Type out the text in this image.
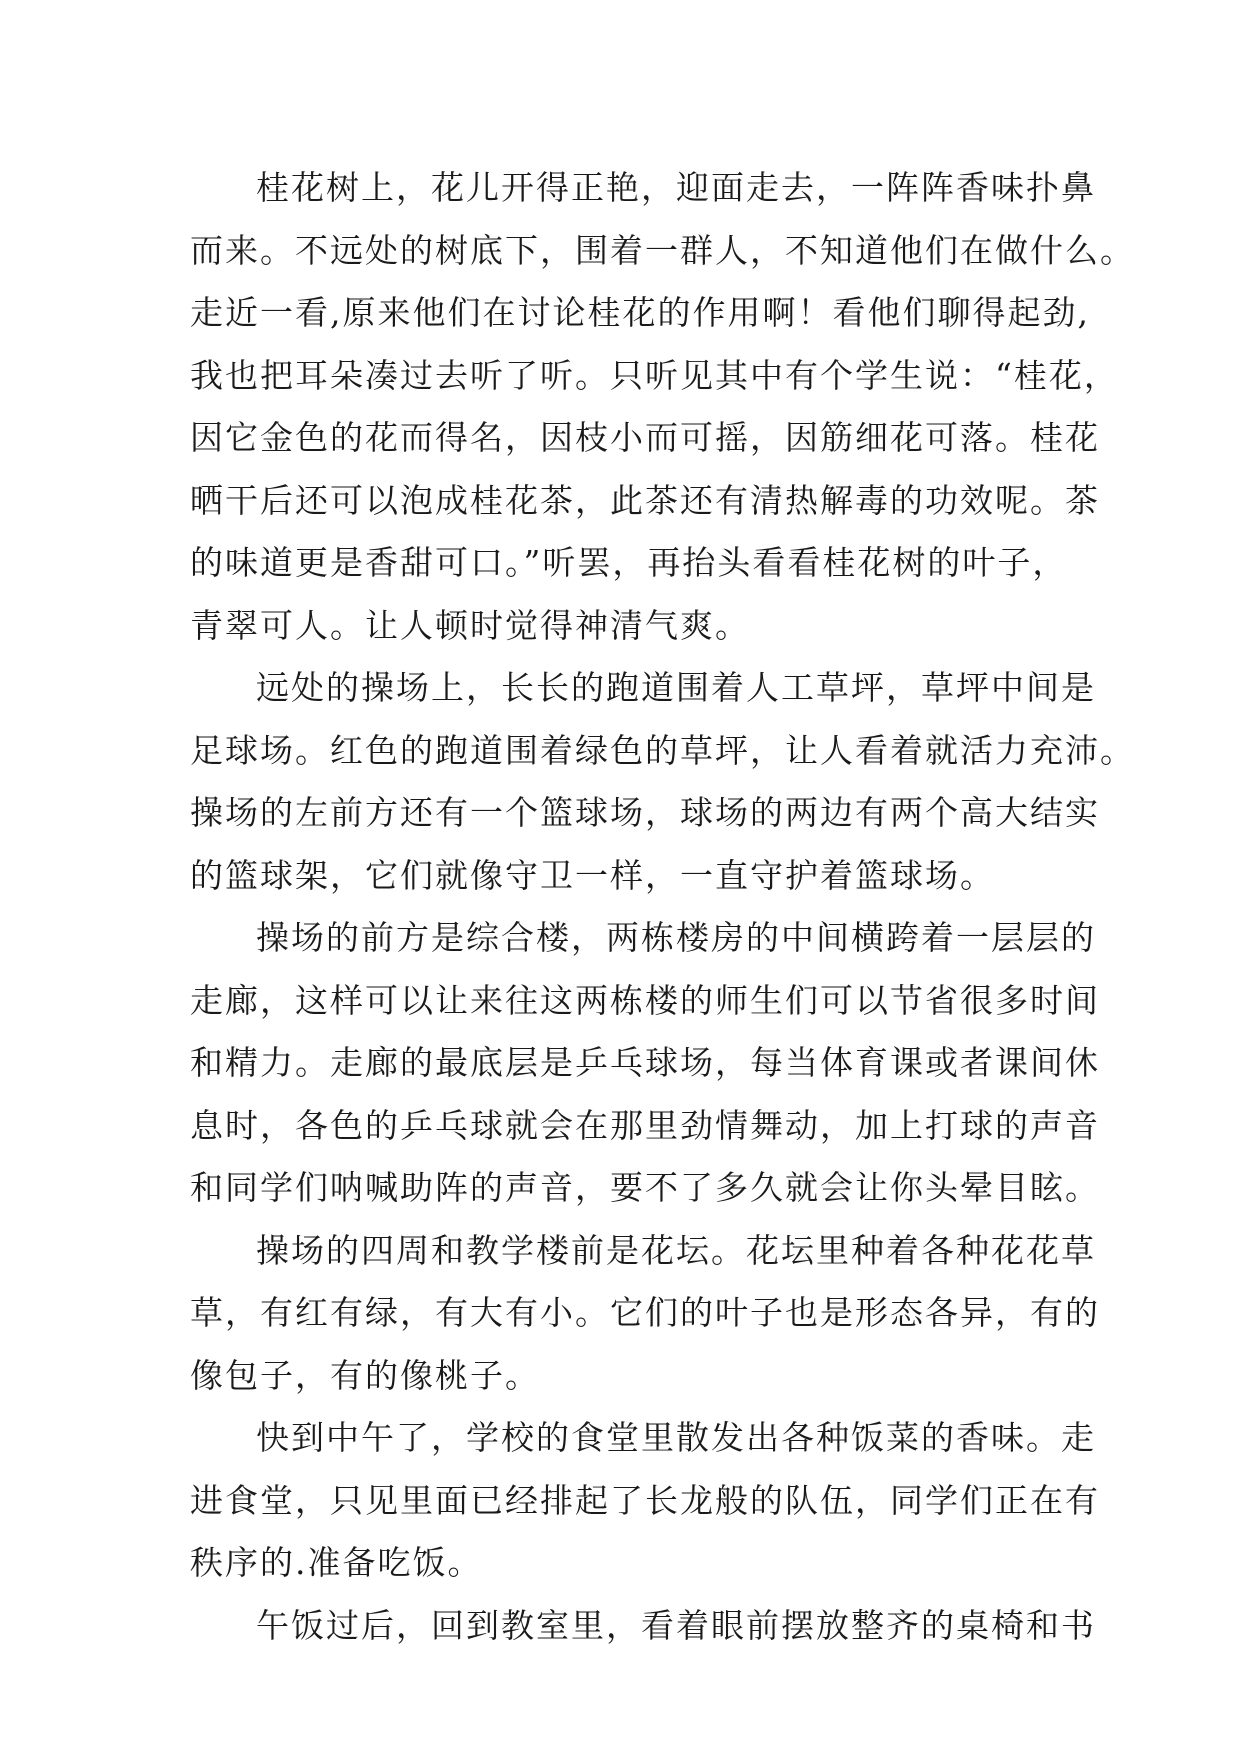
桂花树上，花儿开得正艳，迎面走去，一阵阵香味扑鼻
而来。不远处的树底下，围着一群人，不知道他们在做什么。
走近一看,原来他们在讨论桂花的作用啊！看他们聊得起劲,
我也把耳朵凑过去听了听。只听见其中有个学生说：“桂花，
因它金色的花而得名，因枝小而可摇，因筋细花可落。桂花
晒干后还可以泡成桂花茶，此茶还有清热解毒的功效呢。茶
的味道更是香甜可口。”听罢，再抬头看看桂花树的叶子，
青翠可人。让人顿时觉得神清气爽。
远处的操场上，长长的跑道围着人工草坪，草坪中间是
足球场。红色的跑道围着绿色的草坪，让人看着就活力充沛。
操场的左前方还有一个篮球场，球场的两边有两个高大结实
的篮球架，它们就像守卫一样，一直守护着篮球场。
操场的前方是综合楼，两栋楼房的中间横跨着一层层的
走廊，这样可以让来往这两栋楼的师生们可以节省很多时间
和精力。走廊的最底层是乒乓球场，每当体育课或者课间休
息时，各色的乒乓球就会在那里劲情舞动，加上打球的声音
和同学们呐喊助阵的声音，要不了多久就会让你头晕目眩。
操场的四周和教学楼前是花坛。花坛里种着各种花花草
草，有红有绿，有大有小。它们的叶子也是形态各异，有的
像包子，有的像桃子。
快到中午了，学校的食堂里散发出各种饭菜的香味。走
进食堂，只见里面已经排起了长龙般的队伍，同学们正在有
秩序的.准备吃饭。
午饭过后，回到教室里，看着眼前摆放整齐的桌椅和书
